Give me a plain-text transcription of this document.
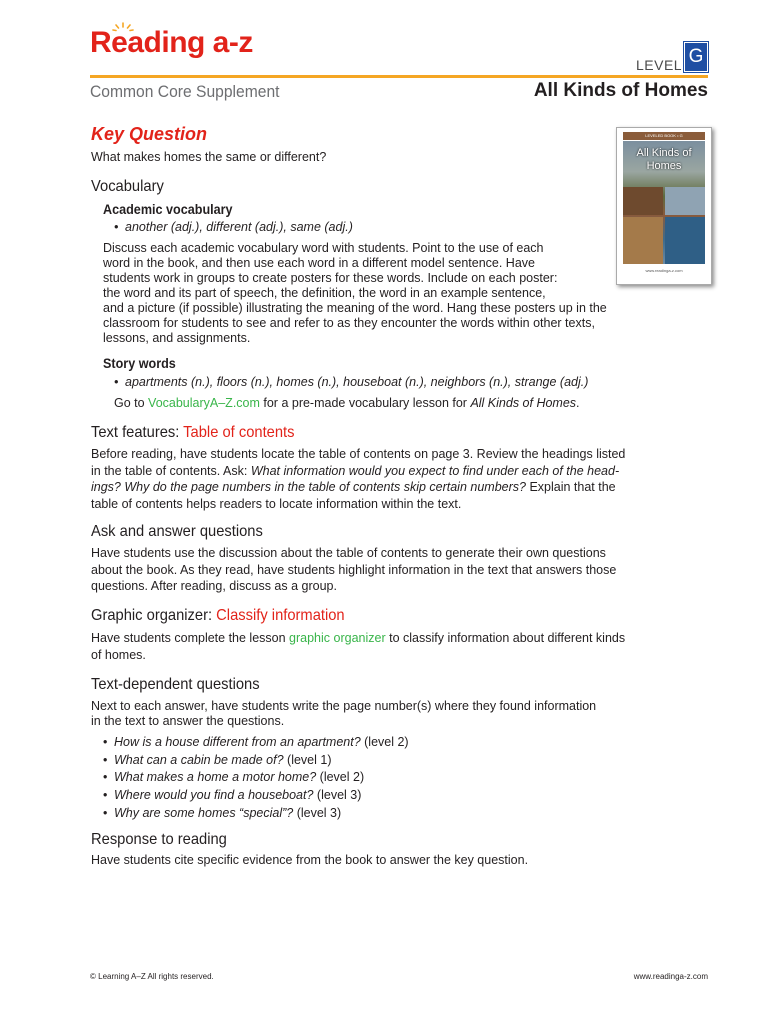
Reading a-z
LEVEL G
Common Core Supplement	All Kinds of Homes
LEVELED BOOK • G
All Kinds of Homes
www.readinga-z.com
Key Question
What makes homes the same or different?
Vocabulary
Academic vocabulary
• another (adj.), different (adj.), same (adj.)
Discuss each academic vocabulary word with students. Point to the use of each
word in the book, and then use each word in a different model sentence. Have
students work in groups to create posters for these words. Include on each poster:
the word and its part of speech, the definition, the word in an example sentence,
and a picture (if possible) illustrating the meaning of the word. Hang these posters up in the
classroom for students to see and refer to as they encounter the words within other texts,
lessons, and assignments.
Story words
• apartments (n.), floors (n.), homes (n.), houseboat (n.), neighbors (n.), strange (adj.)
Go to VocabularyA–Z.com for a pre-made vocabulary lesson for All Kinds of Homes.
Text features: Table of contents
Before reading, have students locate the table of contents on page 3. Review the headings listed
in the table of contents. Ask: What information would you expect to find under each of the head-
ings? Why do the page numbers in the table of contents skip certain numbers? Explain that the
table of contents helps readers to locate information within the text.
Ask and answer questions
Have students use the discussion about the table of contents to generate their own questions
about the book. As they read, have students highlight information in the text that answers those
questions. After reading, discuss as a group.
Graphic organizer: Classify information
Have students complete the lesson graphic organizer to classify information about different kinds
of homes.
Text-dependent questions
Next to each answer, have students write the page number(s) where they found information
in the text to answer the questions.
• How is a house different from an apartment? (level 2)
• What can a cabin be made of? (level 1)
• What makes a home a motor home? (level 2)
• Where would you find a houseboat? (level 3)
• Why are some homes “special”? (level 3)
Response to reading
Have students cite specific evidence from the book to answer the key question.
© Learning A–Z All rights reserved.	www.readinga-z.com
